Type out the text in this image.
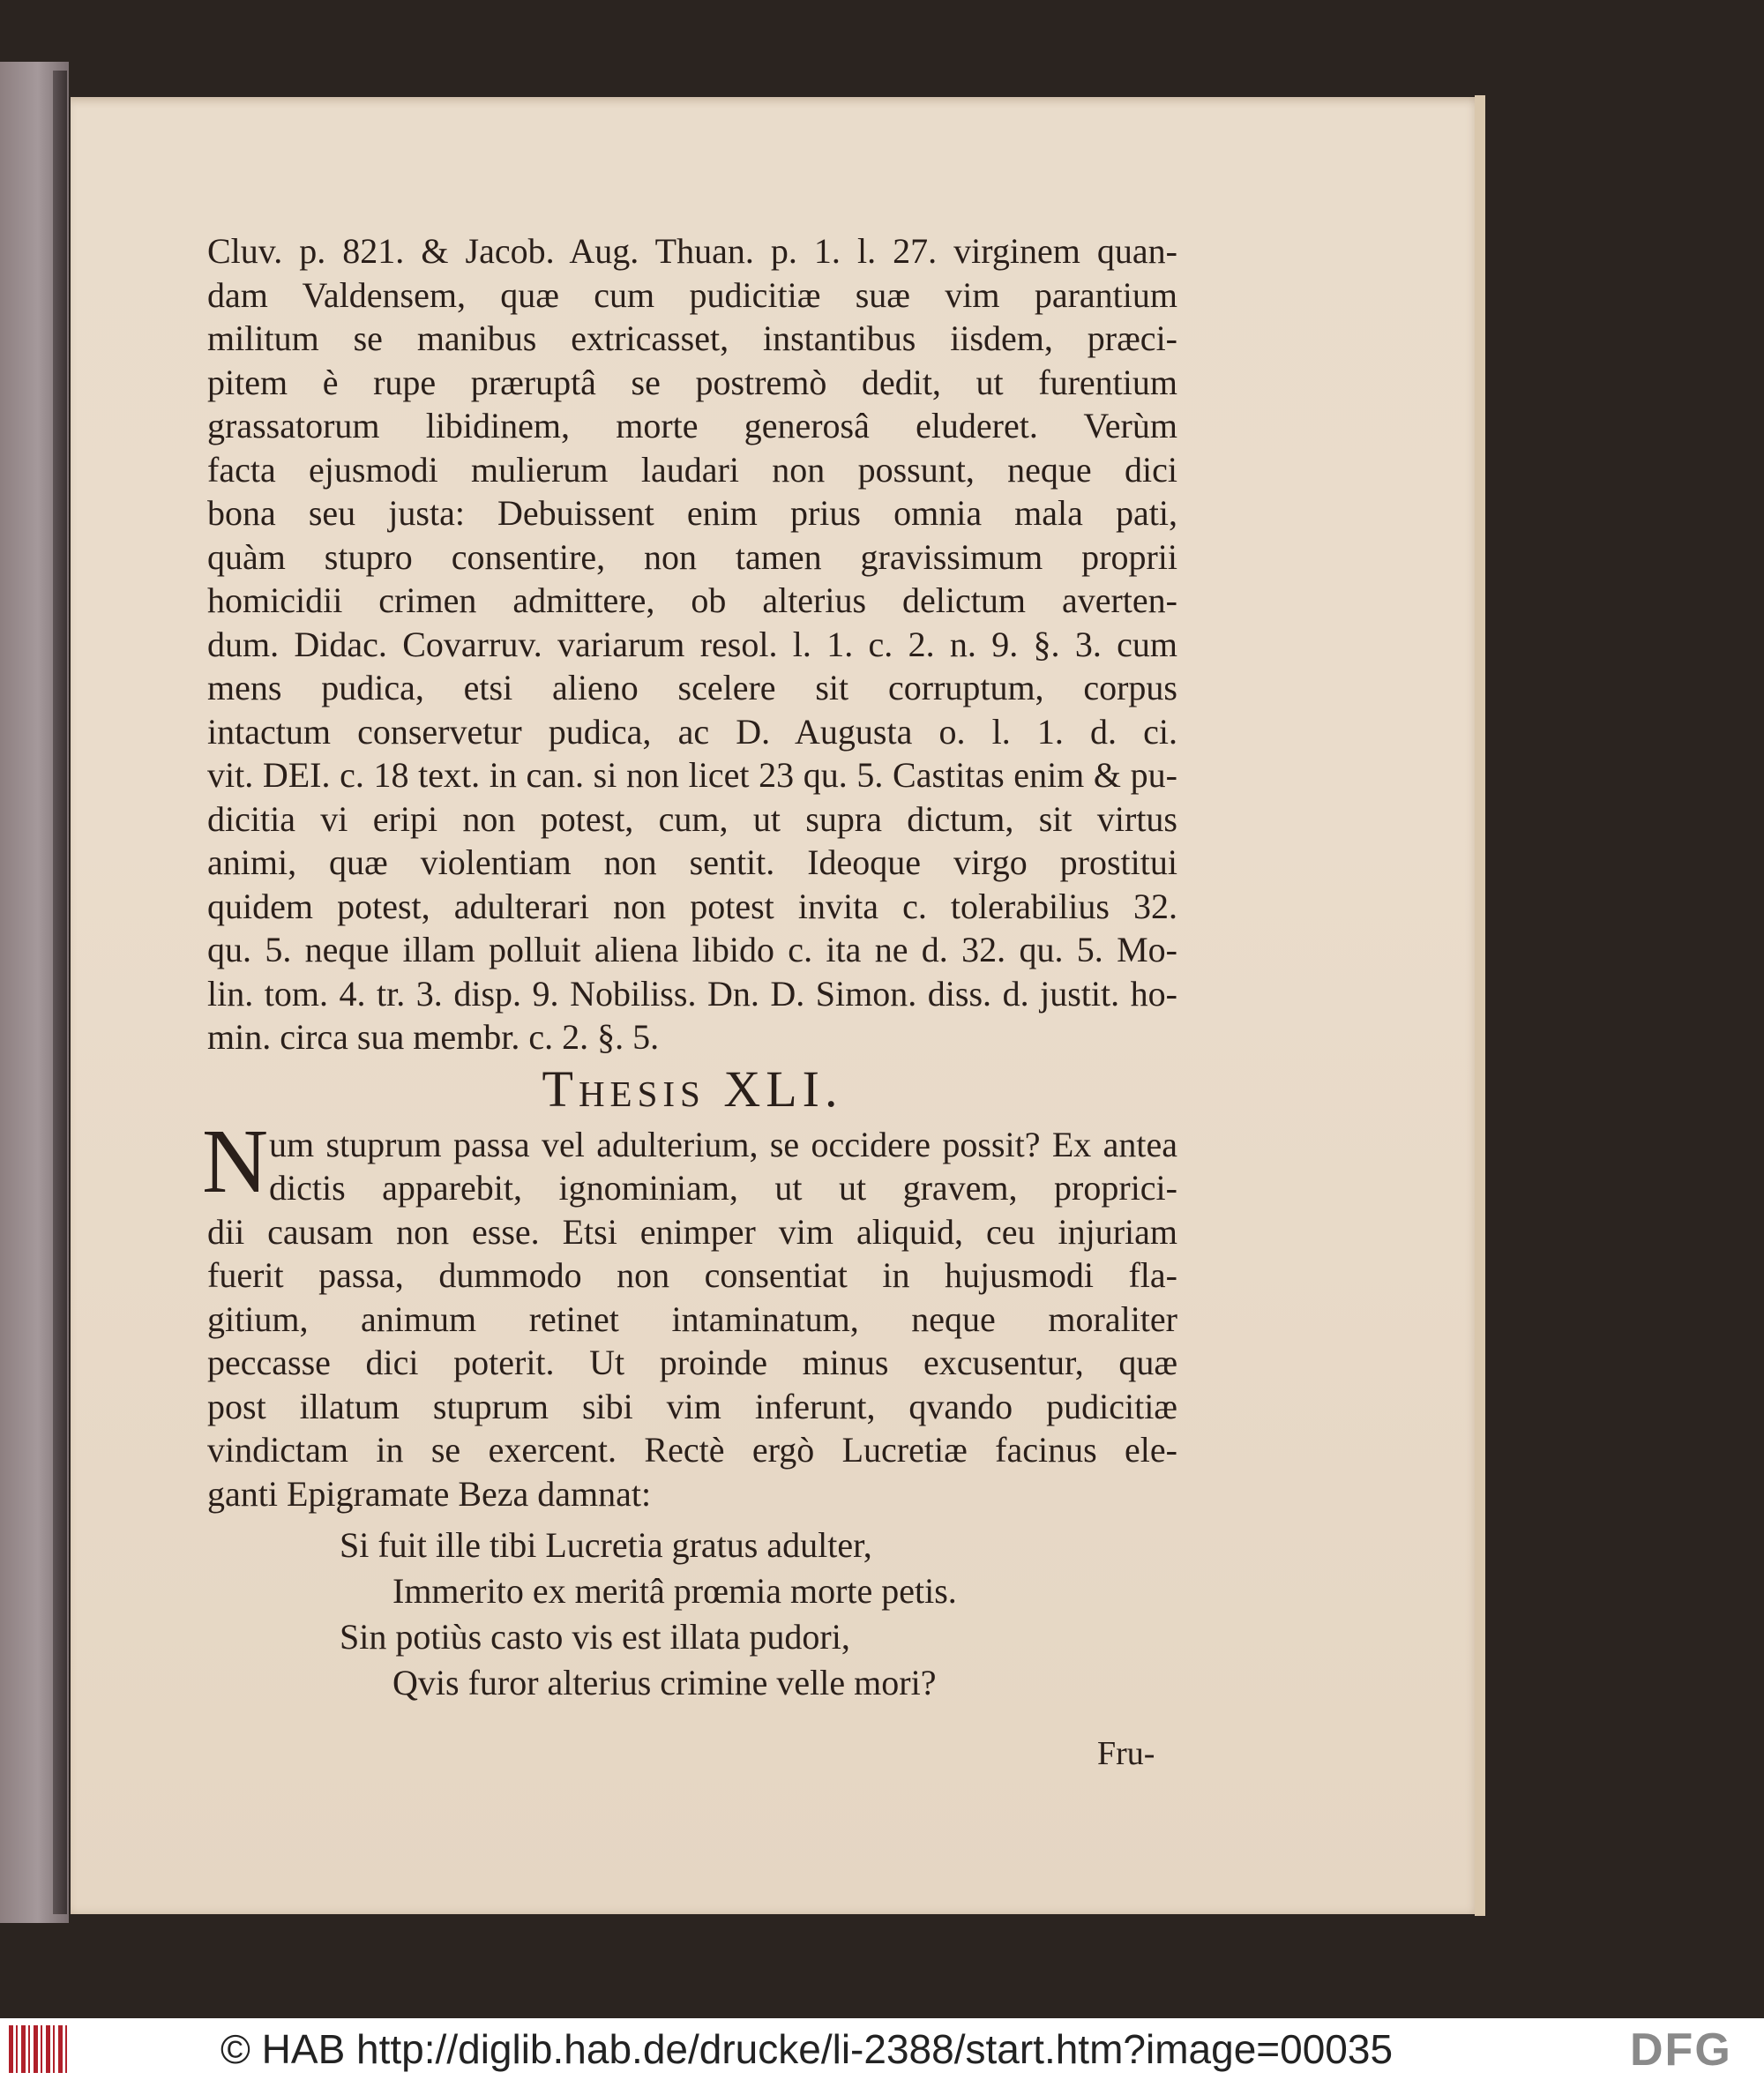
Cluv. p. 821. & Jacob. Aug. Thuan. p. 1. l. 27. virginem quan-
dam Valdensem, quæ cum pudicitiæ suæ vim parantium
militum se manibus extricasset, instantibus iisdem, præci-
pitem è rupe præruptâ se postremò dedit, ut furentium
grassatorum libidinem, morte generosâ eluderet. Verùm
facta ejusmodi mulierum laudari non possunt, neque dici
bona seu justa: Debuissent enim prius omnia mala pati,
quàm stupro consentire, non tamen gravissimum proprii
homicidii crimen admittere, ob alterius delictum averten-
dum. Didac. Covarruv. variarum resol. l. 1. c. 2. n. 9. §. 3. cum
mens pudica, etsi alieno scelere sit corruptum, corpus
intactum conservetur pudica, ac D. Augusta o. l. 1. d. ci.
vit. DEI. c. 18 text. in can. si non licet 23 qu. 5. Castitas enim & pu-
dicitia vi eripi non potest, cum, ut supra dictum, sit virtus
animi, quæ violentiam non sentit. Ideoque virgo prostitui
quidem potest, adulterari non potest invita c. tolerabilius 32.
qu. 5. neque illam polluit aliena libido c. ita ne d. 32. qu. 5. Mo-
lin. tom. 4. tr. 3. disp. 9. Nobiliss. Dn. D. Simon. diss. d. justit. ho-
min. circa sua membr. c. 2. §. 5.
Thesis XLI.
N um stuprum passa vel adulterium, se occidere possit? Ex antea
dictis apparebit, ignominiam, ut ut gravem, proprici-
dii causam non esse. Etsi enimper vim aliquid, ceu injuriam
fuerit passa, dummodo non consentiat in hujusmodi fla-
gitium, animum retinet intaminatum, neque moraliter
peccasse dici poterit. Ut proinde minus excusentur, quæ
post illatum stuprum sibi vim inferunt, qvando pudicitiæ
vindictam in se exercent. Rectè ergò Lucretiæ facinus ele-
ganti Epigramate Beza damnat:
Si fuit ille tibi Lucretia gratus adulter,
Immerito ex meritâ prœmia morte petis.
Sin potiùs casto vis est illata pudori,
Qvis furor alterius crimine velle mori?
Fru-
© HAB http://diglib.hab.de/drucke/li-2388/start.htm?image=00035	DFG
